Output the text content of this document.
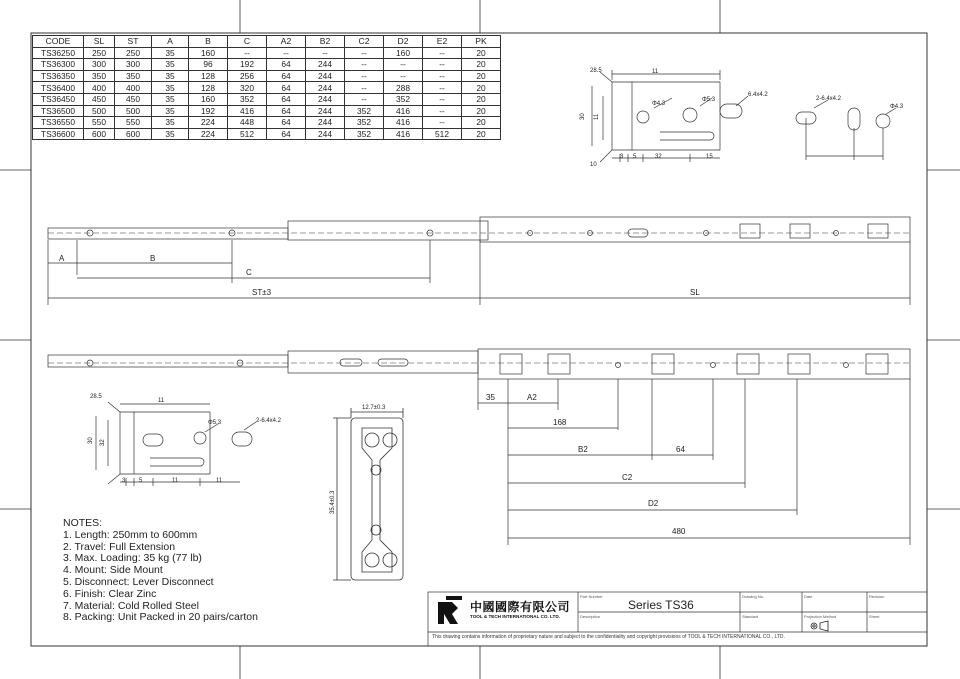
11
30 11
28.5
10
3 5	15
32
Φ4.3
Φ5.3
6.4x4.2
2-6.4x4.2
Φ4.3
A	B
C
ST±3	SL
35	A2
168
B2	64
C2
D2
480
11
30 32
28.5
3 5	11	11
Φ5.3	2-6.4x4.2
12.7±0.3
35.4±0.3
CODE	SL	ST	A	B	C	A2	B2	C2	D2	E2	PK
TS36250	250	250	35	160	--	--	--	--	160	--	20
TS36300	300	300	35	96	192	64	244	--	--	--	20
TS36350	350	350	35	128	256	64	244	--	--	--	20
TS36400	400	400	35	128	320	64	244	--	288	--	20
TS36450	450	450	35	160	352	64	244	--	352	--	20
TS36500	500	500	35	192	416	64	244	352	416	--	20
TS36550	550	550	35	224	448	64	244	352	416	--	20
TS36600	600	600	35	224	512	64	244	352	416	512	20
NOTES:
1. Length: 250mm to 600mm
2. Travel: Full Extension
3. Max. Loading: 35 kg (77 lb)
4. Mount: Side Mount
5. Disconnect: Lever Disconnect
6. Finish: Clear Zinc
7. Material: Cold Rolled Steel
8. Packing: Unit Packed in 20 pairs/carton
中國國際有限公司
TOOL & TECH INTERNATIONAL CO. LTD.
Part Number
Series TS36
Description
Drawing No.
Standard
Date
Projection Method
Revision
Sheet
This drawing contains information of proprietary nature and subject to the confidentiality and copyright provisions of TOOL & TECH INTERNATIONAL CO., LTD.
